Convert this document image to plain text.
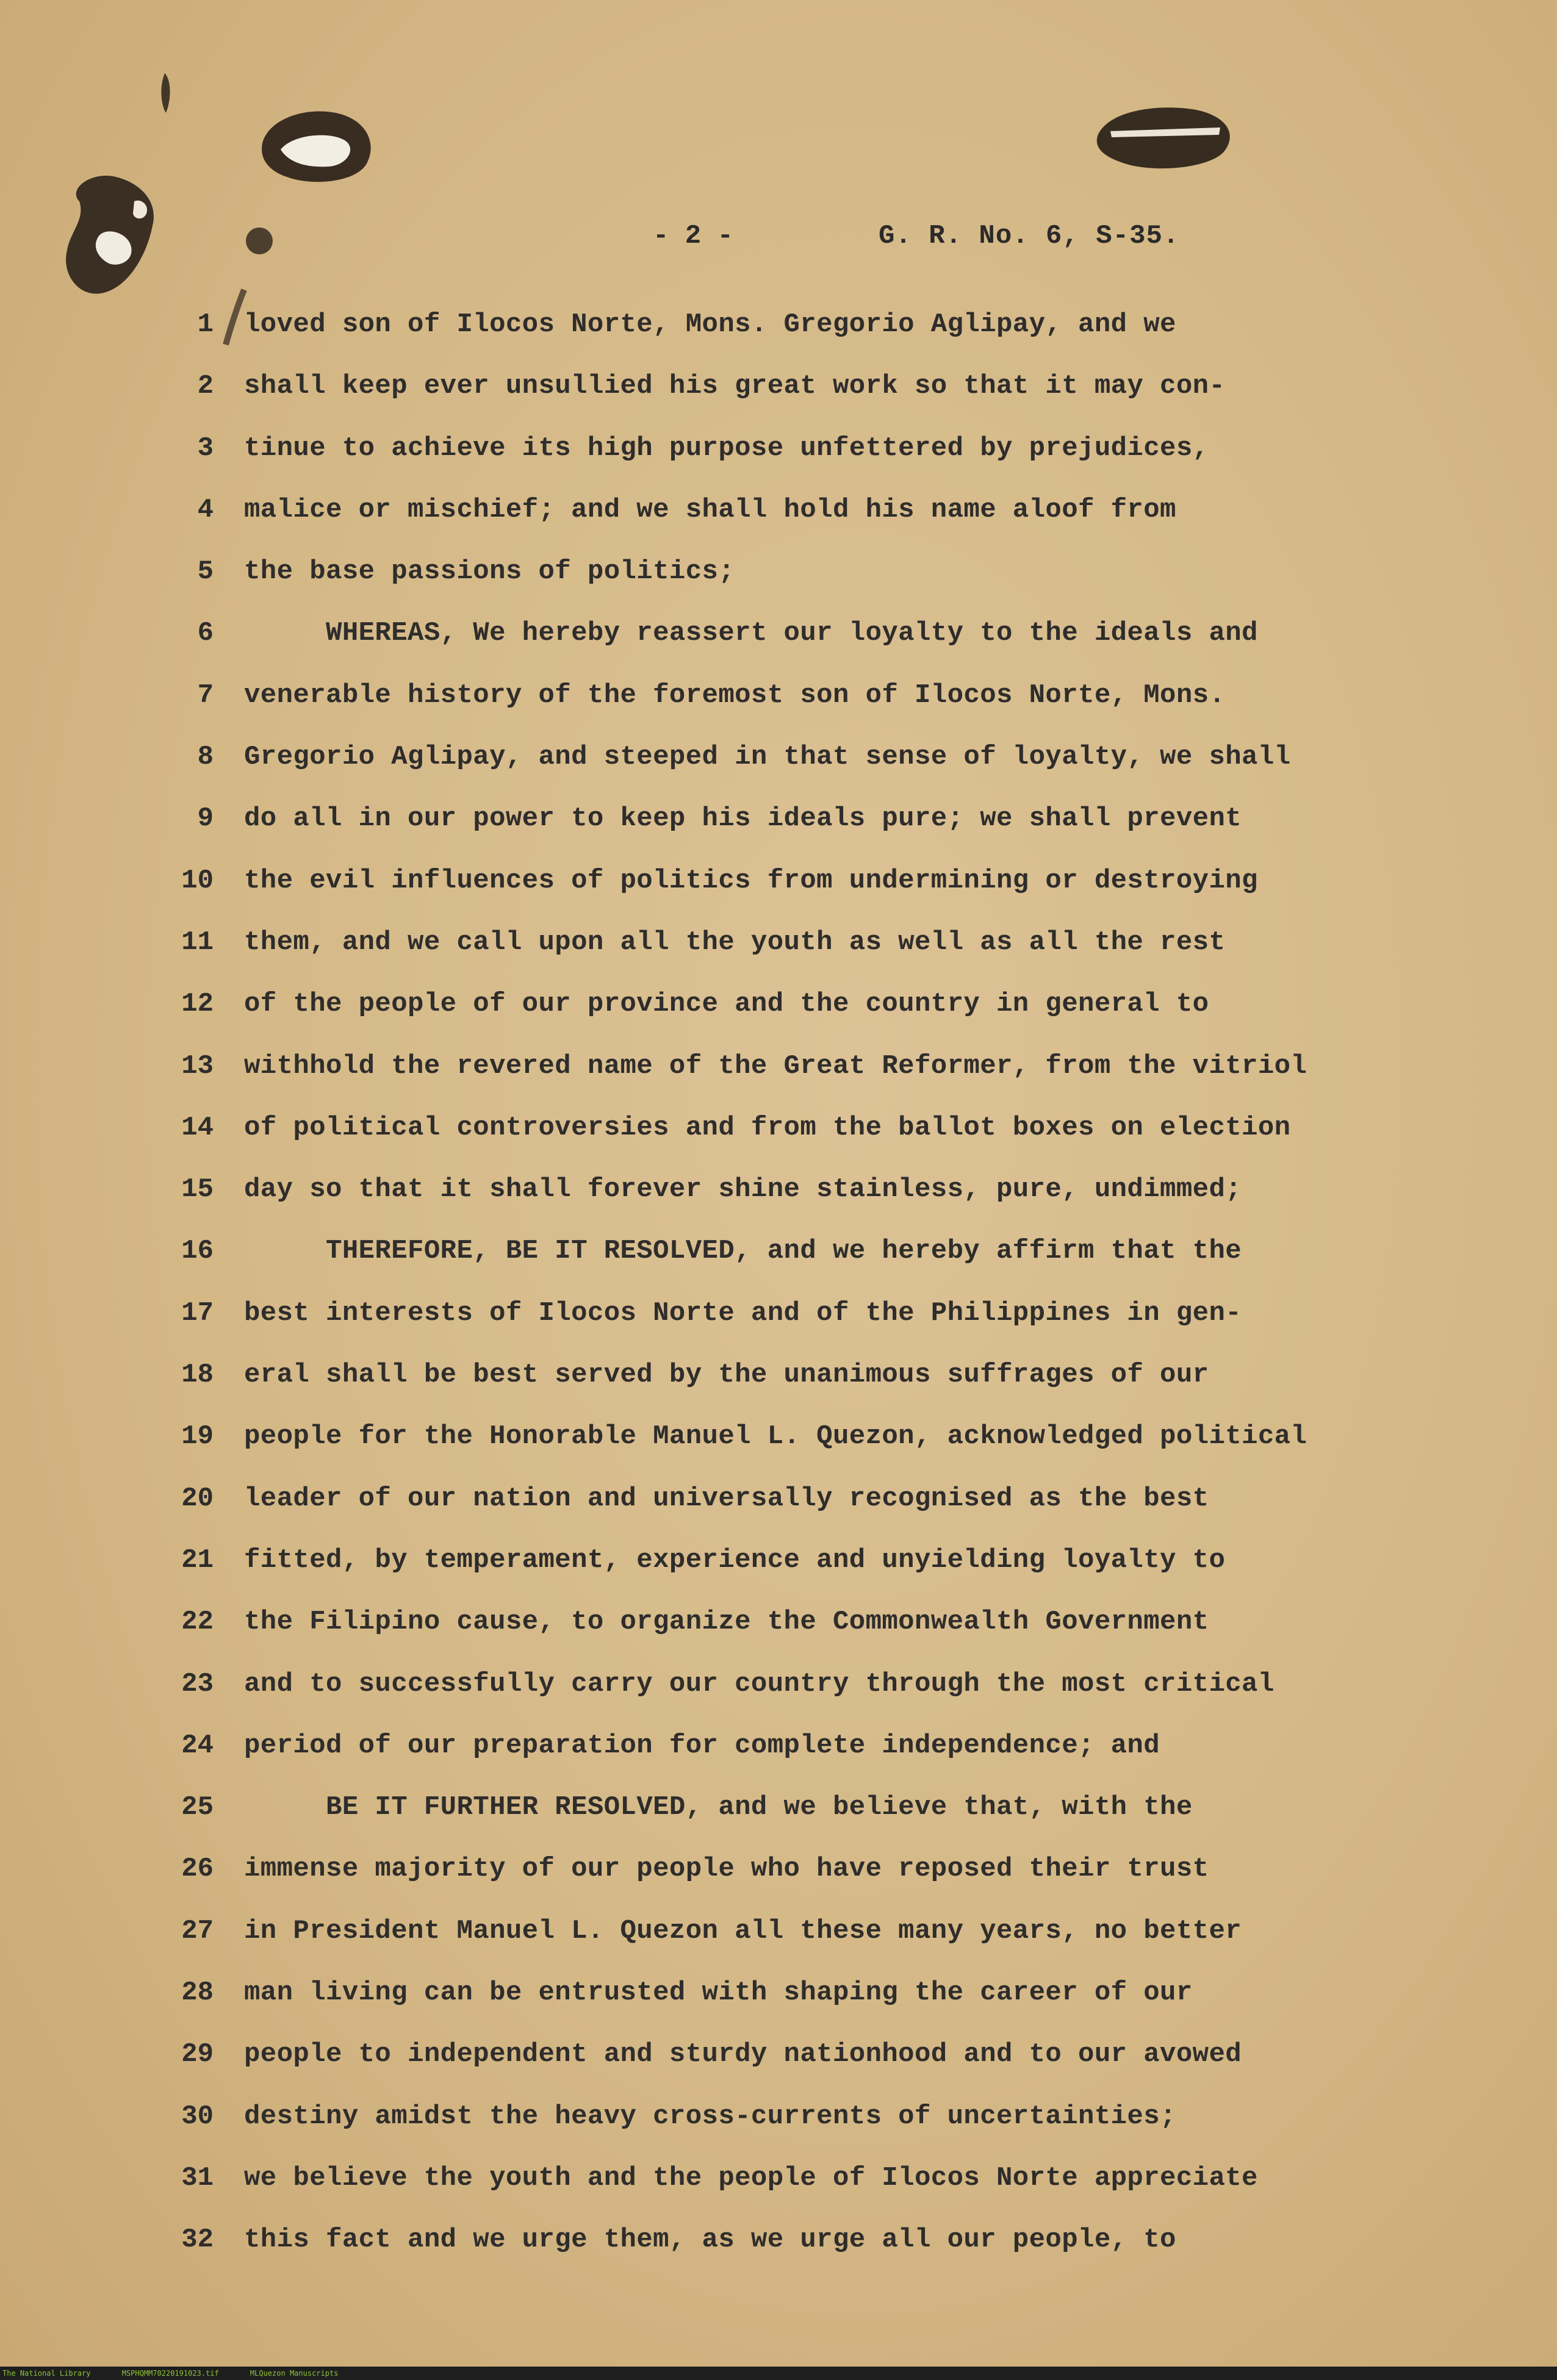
- 2 -	G. R. No. 6, S-35.
1 loved son of Ilocos Norte, Mons. Gregorio Aglipay, and we
2 shall keep ever unsullied his great work so that it may con-
3 tinue to achieve its high purpose unfettered by prejudices,
4 malice or mischief; and we shall hold his name aloof from
5 the base passions of politics;
6 WHEREAS, We hereby reassert our loyalty to the ideals and
7 venerable history of the foremost son of Ilocos Norte, Mons.
8 Gregorio Aglipay, and steeped in that sense of loyalty, we shall
9 do all in our power to keep his ideals pure; we shall prevent
10 the evil influences of politics from undermining or destroying
11 them, and we call upon all the youth as well as all the rest
12 of the people of our province and the country in general to
13 withhold the revered name of the Great Reformer, from the vitriol
14 of political controversies and from the ballot boxes on election
15 day so that it shall forever shine stainless, pure, undimmed;
16 THEREFORE, BE IT RESOLVED, and we hereby affirm that the
17 best interests of Ilocos Norte and of the Philippines in gen-
18 eral shall be best served by the unanimous suffrages of our
19 people for the Honorable Manuel L. Quezon, acknowledged political
20 leader of our nation and universally recognised as the best
21 fitted, by temperament, experience and unyielding loyalty to
22 the Filipino cause, to organize the Commonwealth Government
23 and to successfully carry our country through the most critical
24 period of our preparation for complete independence; and
25 BE IT FURTHER RESOLVED, and we believe that, with the
26 immense majority of our people who have reposed their trust
27 in President Manuel L. Quezon all these many years, no better
28 man living can be entrusted with shaping the career of our
29 people to independent and sturdy nationhood and to our avowed
30 destiny amidst the heavy cross-currents of uncertainties;
31 we believe the youth and the people of Ilocos Norte appreciate
32 this fact and we urge them, as we urge all our people, to
The National Library	MSPHQMM70220191023.tif	MLQuezon Manuscripts
